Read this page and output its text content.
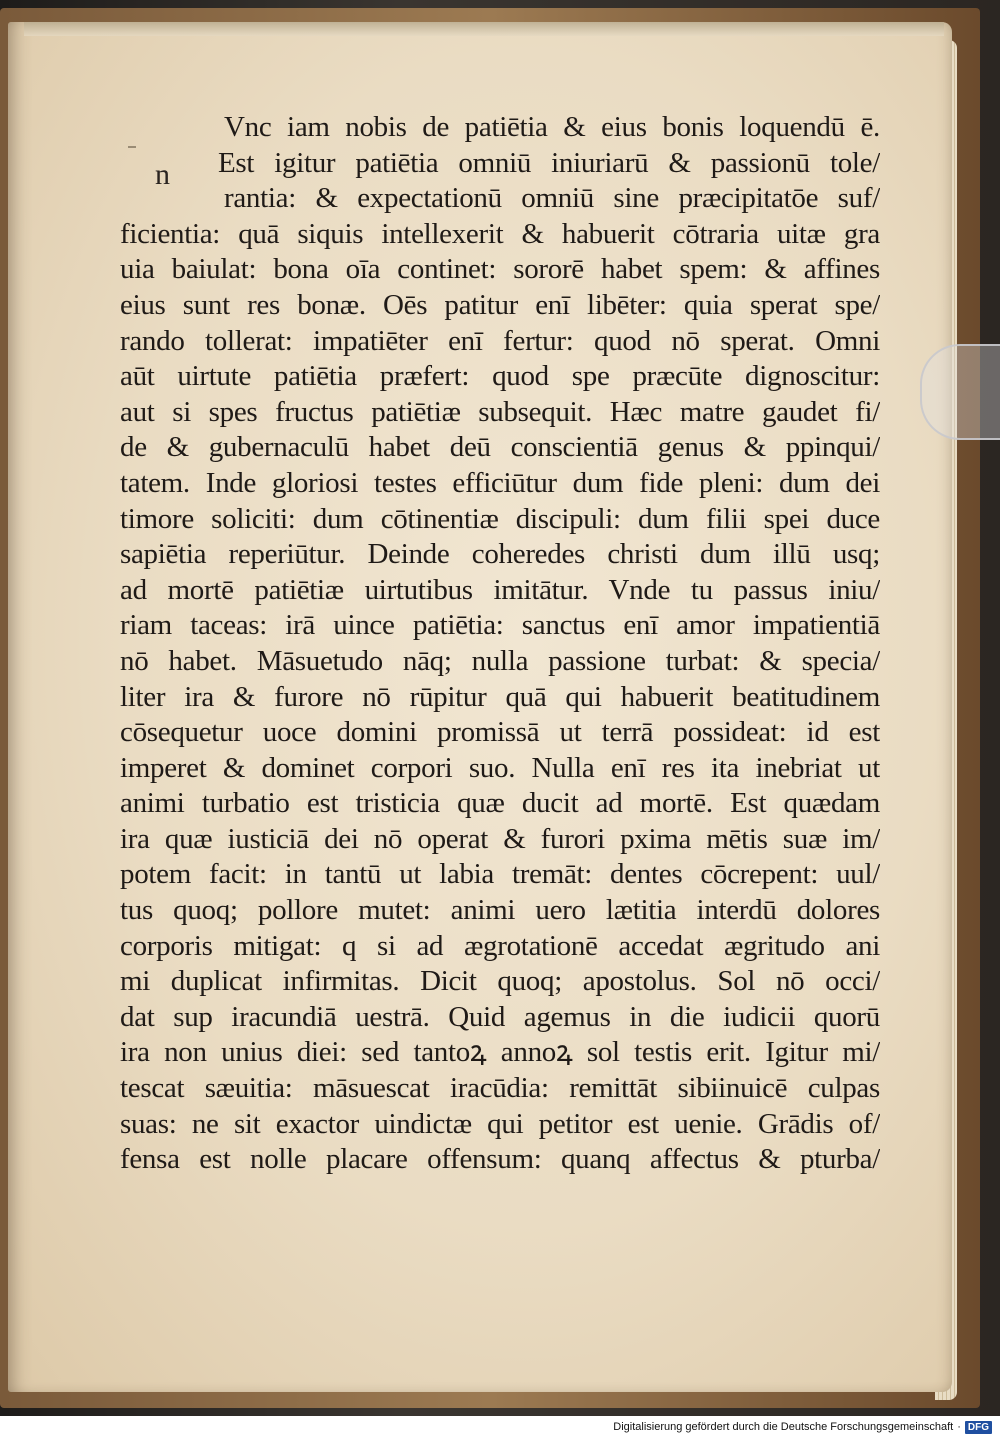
n
Vnc iam nobis de patiētia & eius bonis loquendū ē.
Est igitur patiētia omniū iniuriarū & passionū tole/
rantia: & expectationū omniū sine præcipitatōe suf/
ficientia: quā siquis intellexerit & habuerit cōtraria uitæ gra
uia baiulat: bona oīa continet: sororē habet spem: & affines
eius sunt res bonæ. Oēs patitur enī libēter: quia sperat spe/
rando tollerat: impatiēter enī fertur: quod nō sperat. Omni
aūt uirtute patiētia præfert: quod spe præcūte dignoscitur:
aut si spes fructus patiētiæ subsequit. Hæc matre gaudet fi/
de & gubernaculū habet deū conscientiā genus & ppinqui/
tatem. Inde gloriosi testes efficiūtur dum fide pleni: dum dei
timore soliciti: dum cōtinentiæ discipuli: dum filii spei duce
sapiētia reperiūtur. Deinde coheredes christi dum illū usq;
ad mortē patiētiæ uirtutibus imitātur. Vnde tu passus iniu/
riam taceas: irā uince patiētia: sanctus enī amor impatientiā
nō habet. Māsuetudo nāq; nulla passione turbat: & specia/
liter ira & furore nō rūpitur quā qui habuerit beatitudinem
cōsequetur uoce domini promissā ut terrā possideat: id est
imperet & dominet corpori suo. Nulla enī res ita inebriat ut
animi turbatio est tristicia quæ ducit ad mortē. Est quædam
ira quæ iusticiā dei nō operat & furori pxima mētis suæ im/
potem facit: in tantū ut labia tremāt: dentes cōcrepent: uul/
tus quoq; pollore mutet: animi uero lætitia interdū dolores
corporis mitigat: q si ad ægrotationē accedat ægritudo ani
mi duplicat infirmitas. Dicit quoq; apostolus. Sol nō occi/
dat sup iracundiā uestrā. Quid agemus in die iudicii quorū
ira non unius diei: sed tantoꝝ annoꝝ sol testis erit. Igitur mi/
tescat sæuitia: māsuescat iracūdia: remittāt sibiinuicē culpas
suas: ne sit exactor uindictæ qui petitor est uenie. Grādis of/
fensa est nolle placare offensum: quanq affectus & pturba/
Digitalisierung gefördert durch die Deutsche Forschungsgemeinschaft · DFG
